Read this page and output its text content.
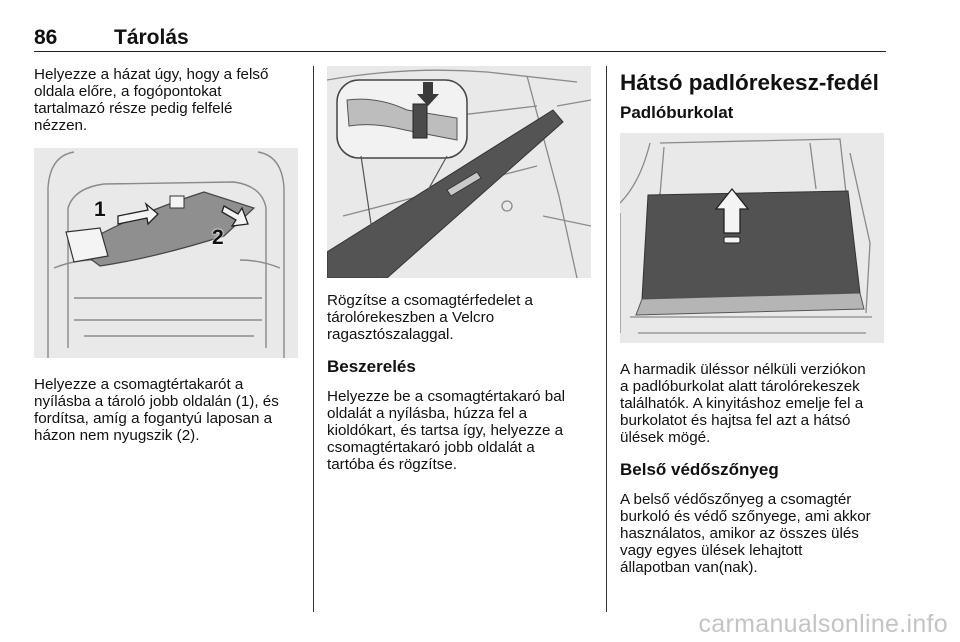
86	Tárolás

Helyezze a házat úgy, hogy a felső
oldala előre, a fogópontokat
tartalmazó része pedig felfelé
nézzen.

1
2

Helyezze a csomagtértakarót a
nyílásba a tároló jobb oldalán (1), és
fordítsa, amíg a fogantyú laposan a
házon nem nyugszik (2).

Rögzítse a csomagtérfedelet a
tárolórekeszben a Velcro
ragasztószalaggal.

Beszerelés

Helyezze be a csomagtértakaró bal
oldalát a nyílásba, húzza fel a
kioldókart, és tartsa így, helyezze a
csomagtértakaró jobb oldalát a
tartóba és rögzítse.

Hátsó padlórekesz-fedél
Padlóburkolat

A harmadik üléssor nélküli verziókon
a padlóburkolat alatt tárolórekeszek
találhatók. A kinyitáshoz emelje fel a
burkolatot és hajtsa fel azt a hátsó
ülések mögé.

Belső védőszőnyeg

A belső védőszőnyeg a csomagtér
burkoló és védő szőnyege, ami akkor
használatos, amikor az összes ülés
vagy egyes ülések lehajtott
állapotban van(nak).

carmanualsonline.info
